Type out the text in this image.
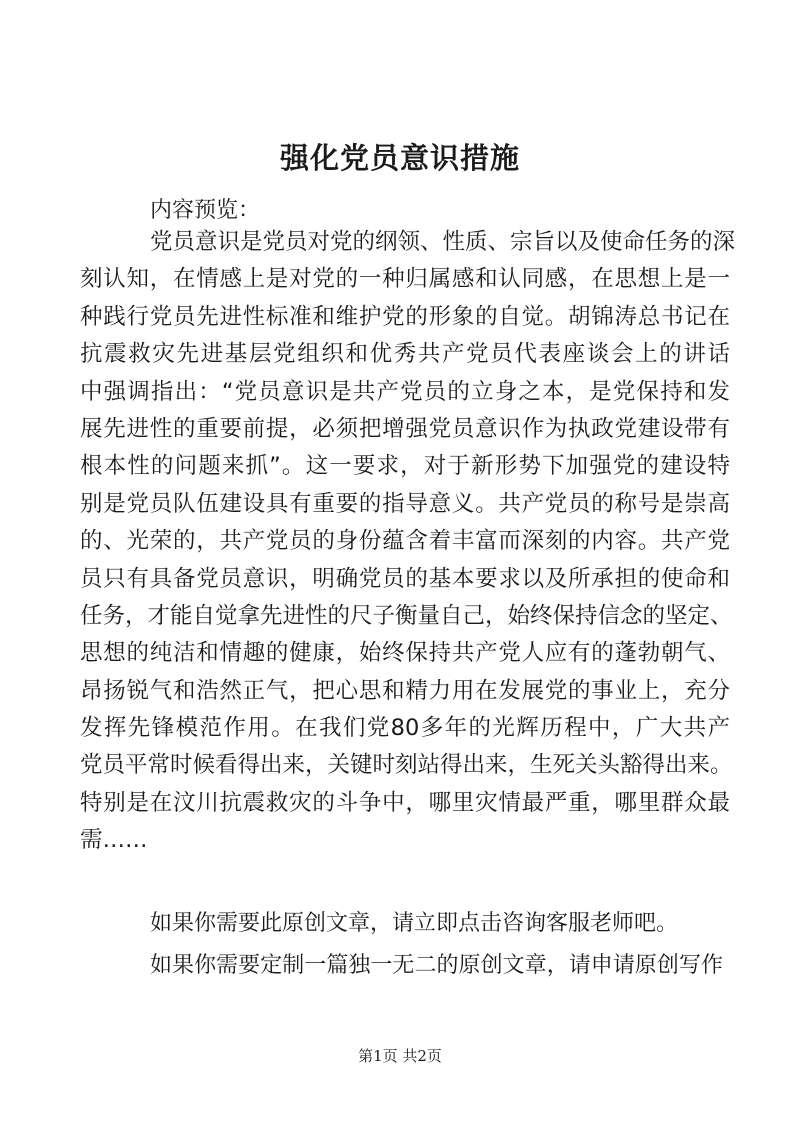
强化党员意识措施
内容预览：
党员意识是党员对党的纲领、性质、宗旨以及使命任务的深
刻认知，在情感上是对党的一种归属感和认同感，在思想上是一
种践行党员先进性标准和维护党的形象的自觉。胡锦涛总书记在
抗震救灾先进基层党组织和优秀共产党员代表座谈会上的讲话
中强调指出：“党员意识是共产党员的立身之本，是党保持和发
展先进性的重要前提，必须把增强党员意识作为执政党建设带有
根本性的问题来抓”。这一要求，对于新形势下加强党的建设特
别是党员队伍建设具有重要的指导意义。共产党员的称号是崇高
的、光荣的，共产党员的身份蕴含着丰富而深刻的内容。共产党
员只有具备党员意识，明确党员的基本要求以及所承担的使命和
任务，才能自觉拿先进性的尺子衡量自己，始终保持信念的坚定、
思想的纯洁和情趣的健康，始终保持共产党人应有的蓬勃朝气、
昂扬锐气和浩然正气，把心思和精力用在发展党的事业上，充分
发挥先锋模范作用。在我们党80多年的光辉历程中，广大共产
党员平常时候看得出来，关键时刻站得出来，生死关头豁得出来。
特别是在汶川抗震救灾的斗争中，哪里灾情最严重，哪里群众最
需……
如果你需要此原创文章，请立即点击咨询客服老师吧。
如果你需要定制一篇独一无二的原创文章，请申请原创写作
第1页 共2页
